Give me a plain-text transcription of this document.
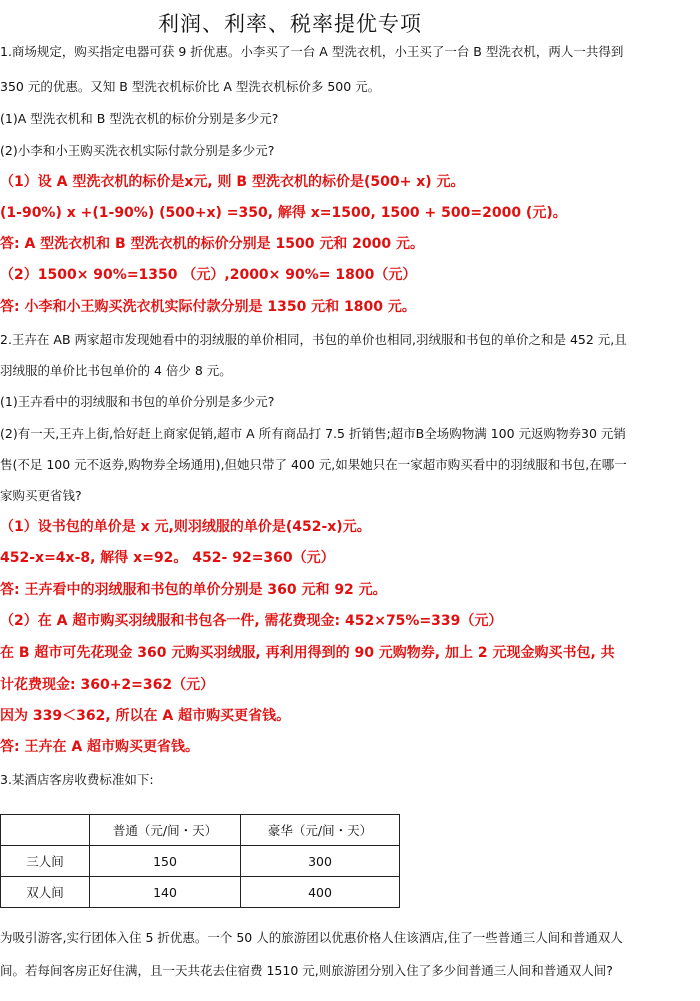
利润、利率、税率提优专项
1.商场规定，购买指定电器可获 9 折优惠。小李买了一台 A 型洗衣机，小王买了一台 B 型洗衣机，两人一共得到
350 元的优惠。又知 B 型洗衣机标价比 A 型洗衣机标价多 500 元。
(1)A 型洗衣机和 B 型洗衣机的标价分别是多少元?
(2)小李和小王购买洗衣机实际付款分别是多少元?
（1）设 A 型洗衣机的标价是x元, 则 B 型洗衣机的标价是(500+ x) 元。
(1-90%) x +(1-90%) (500+x) =350, 解得 x=1500, 1500 + 500=2000 (元)。
答: A 型洗衣机和 B 型洗衣机的标价分别是 1500 元和 2000 元。
（2）1500× 90%=1350 （元）,2000× 90%= 1800（元）
答: 小李和小王购买洗衣机实际付款分别是 1350 元和 1800 元。
2.王卉在 AB 两家超市发现她看中的羽绒服的单价相同，书包的单价也相同,羽绒服和书包的单价之和是 452 元,且
羽绒服的单价比书包单价的 4 倍少 8 元。
(1)王卉看中的羽绒服和书包的单价分别是多少元?
(2)有一天,王卉上街,恰好赶上商家促销,超市 A 所有商品打 7.5 折销售;超市B全场购物满 100 元返购物券30 元销
售(不足 100 元不返券,购物券全场通用),但她只带了 400 元,如果她只在一家超市购买看中的羽绒服和书包,在哪一
家购买更省钱?
（1）设书包的单价是 x 元,则羽绒服的单价是(452-x)元。
452-x=4x-8, 解得 x=92。 452- 92=360（元）
答: 王卉看中的羽绒服和书包的单价分别是 360 元和 92 元。
（2）在 A 超市购买羽绒服和书包各一件, 需花费现金: 452×75%=339（元）
在 B 超市可先花现金 360 元购买羽绒服, 再利用得到的 90 元购物券, 加上 2 元现金购买书包, 共
计花费现金: 360+2=362（元）
因为 339＜362, 所以在 A 超市购买更省钱。
答: 王卉在 A 超市购买更省钱。
3.某酒店客房收费标准如下:
	普通（元/间・天）	豪华（元/间・天）
三人间	150	300
双人间	140	400
为吸引游客,实行团体入住 5 折优惠。一个 50 人的旅游团以优惠价格人住该酒店,住了一些普通三人间和普通双人
间。若每间客房正好住满，且一天共花去住宿费 1510 元,则旅游团分别入住了多少间普通三人间和普通双人间?
